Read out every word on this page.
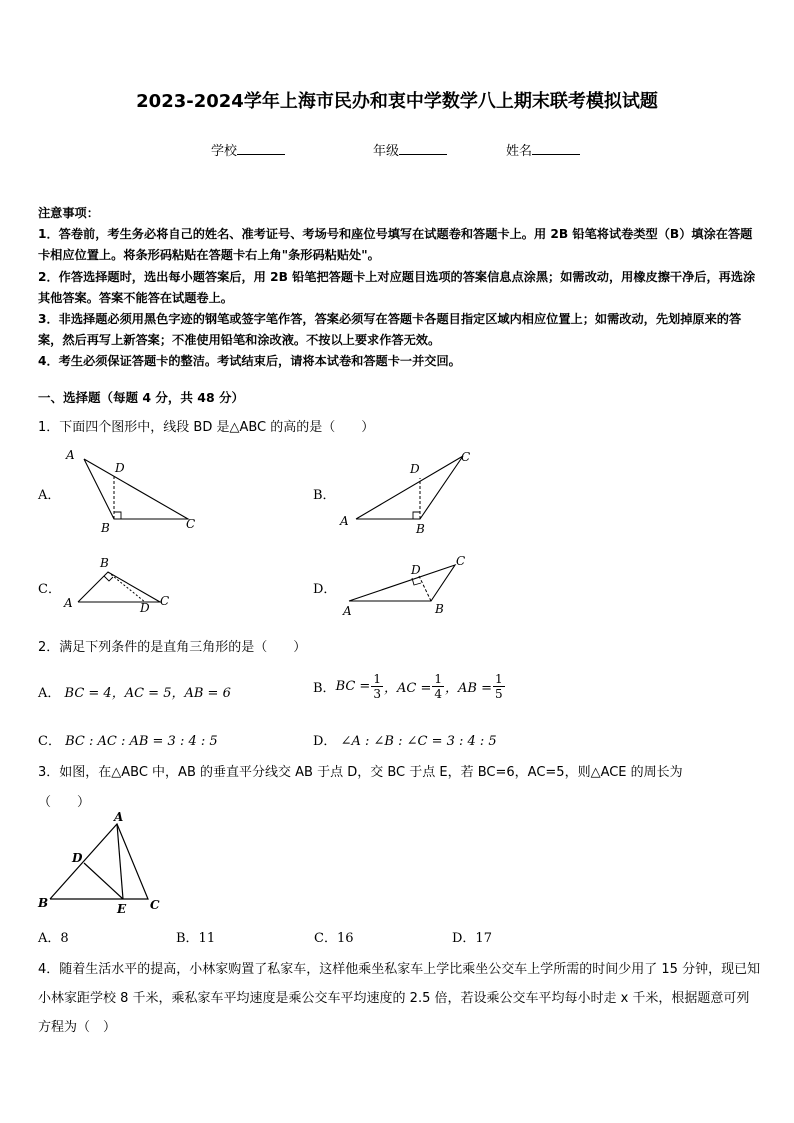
2023-2024学年上海市民办和衷中学数学八上期末联考模拟试题
学校	年级	姓名
注意事项：
1．答卷前，考生务必将自己的姓名、准考证号、考场号和座位号填写在试题卷和答题卡上。用 2B 铅笔将试卷类型（B）填涂在答题卡相应位置上。将条形码粘贴在答题卡右上角"条形码粘贴处"。
2．作答选择题时，选出每小题答案后，用 2B 铅笔把答题卡上对应题目选项的答案信息点涂黑；如需改动，用橡皮擦干净后，再选涂其他答案。答案不能答在试题卷上。
3．非选择题必须用黑色字迹的钢笔或签字笔作答，答案必须写在答题卡各题目指定区域内相应位置上；如需改动，先划掉原来的答案，然后再写上新答案；不准使用铅笔和涂改液。不按以上要求作答无效。
4．考生必须保证答题卡的整洁。考试结束后，请将本试卷和答题卡一并交回。
一、选择题（每题 4 分，共 48 分）
1．下面四个图形中，线段 BD 是△ABC 的高的是（　　）
A．
A
D
B	C
B．
A
D
B
C
C．
A
B
D C
D．
A
D
B
C
2．满足下列条件的是直角三角形的是（　　）
A． BC = 4，AC = 5，AB = 6	B． BC = $\frac{1}{3}$ ，AC = $\frac{1}{4}$ ，AB = $\frac{1}{5}$
C． BC : AC : AB = 3 : 4 : 5	D． ∠A : ∠B : ∠C = 3 : 4 : 5
3．如图，在△ABC 中，AB 的垂直平分线交 AB 于点 D，交 BC 于点 E，若 BC=6，AC=5，则△ACE 的周长为
（　　）
A
D
B	E C
A．8	B．11	C．16	D．17
4．随着生活水平的提高，小林家购置了私家车，这样他乘坐私家车上学比乘坐公交车上学所需的时间少用了 15 分钟，现已知小林家距学校 8 千米，乘私家车平均速度是乘公交车平均速度的 2.5 倍，若设乘公交车平均每小时走 x 千米，根据题意可列方程为（　）
